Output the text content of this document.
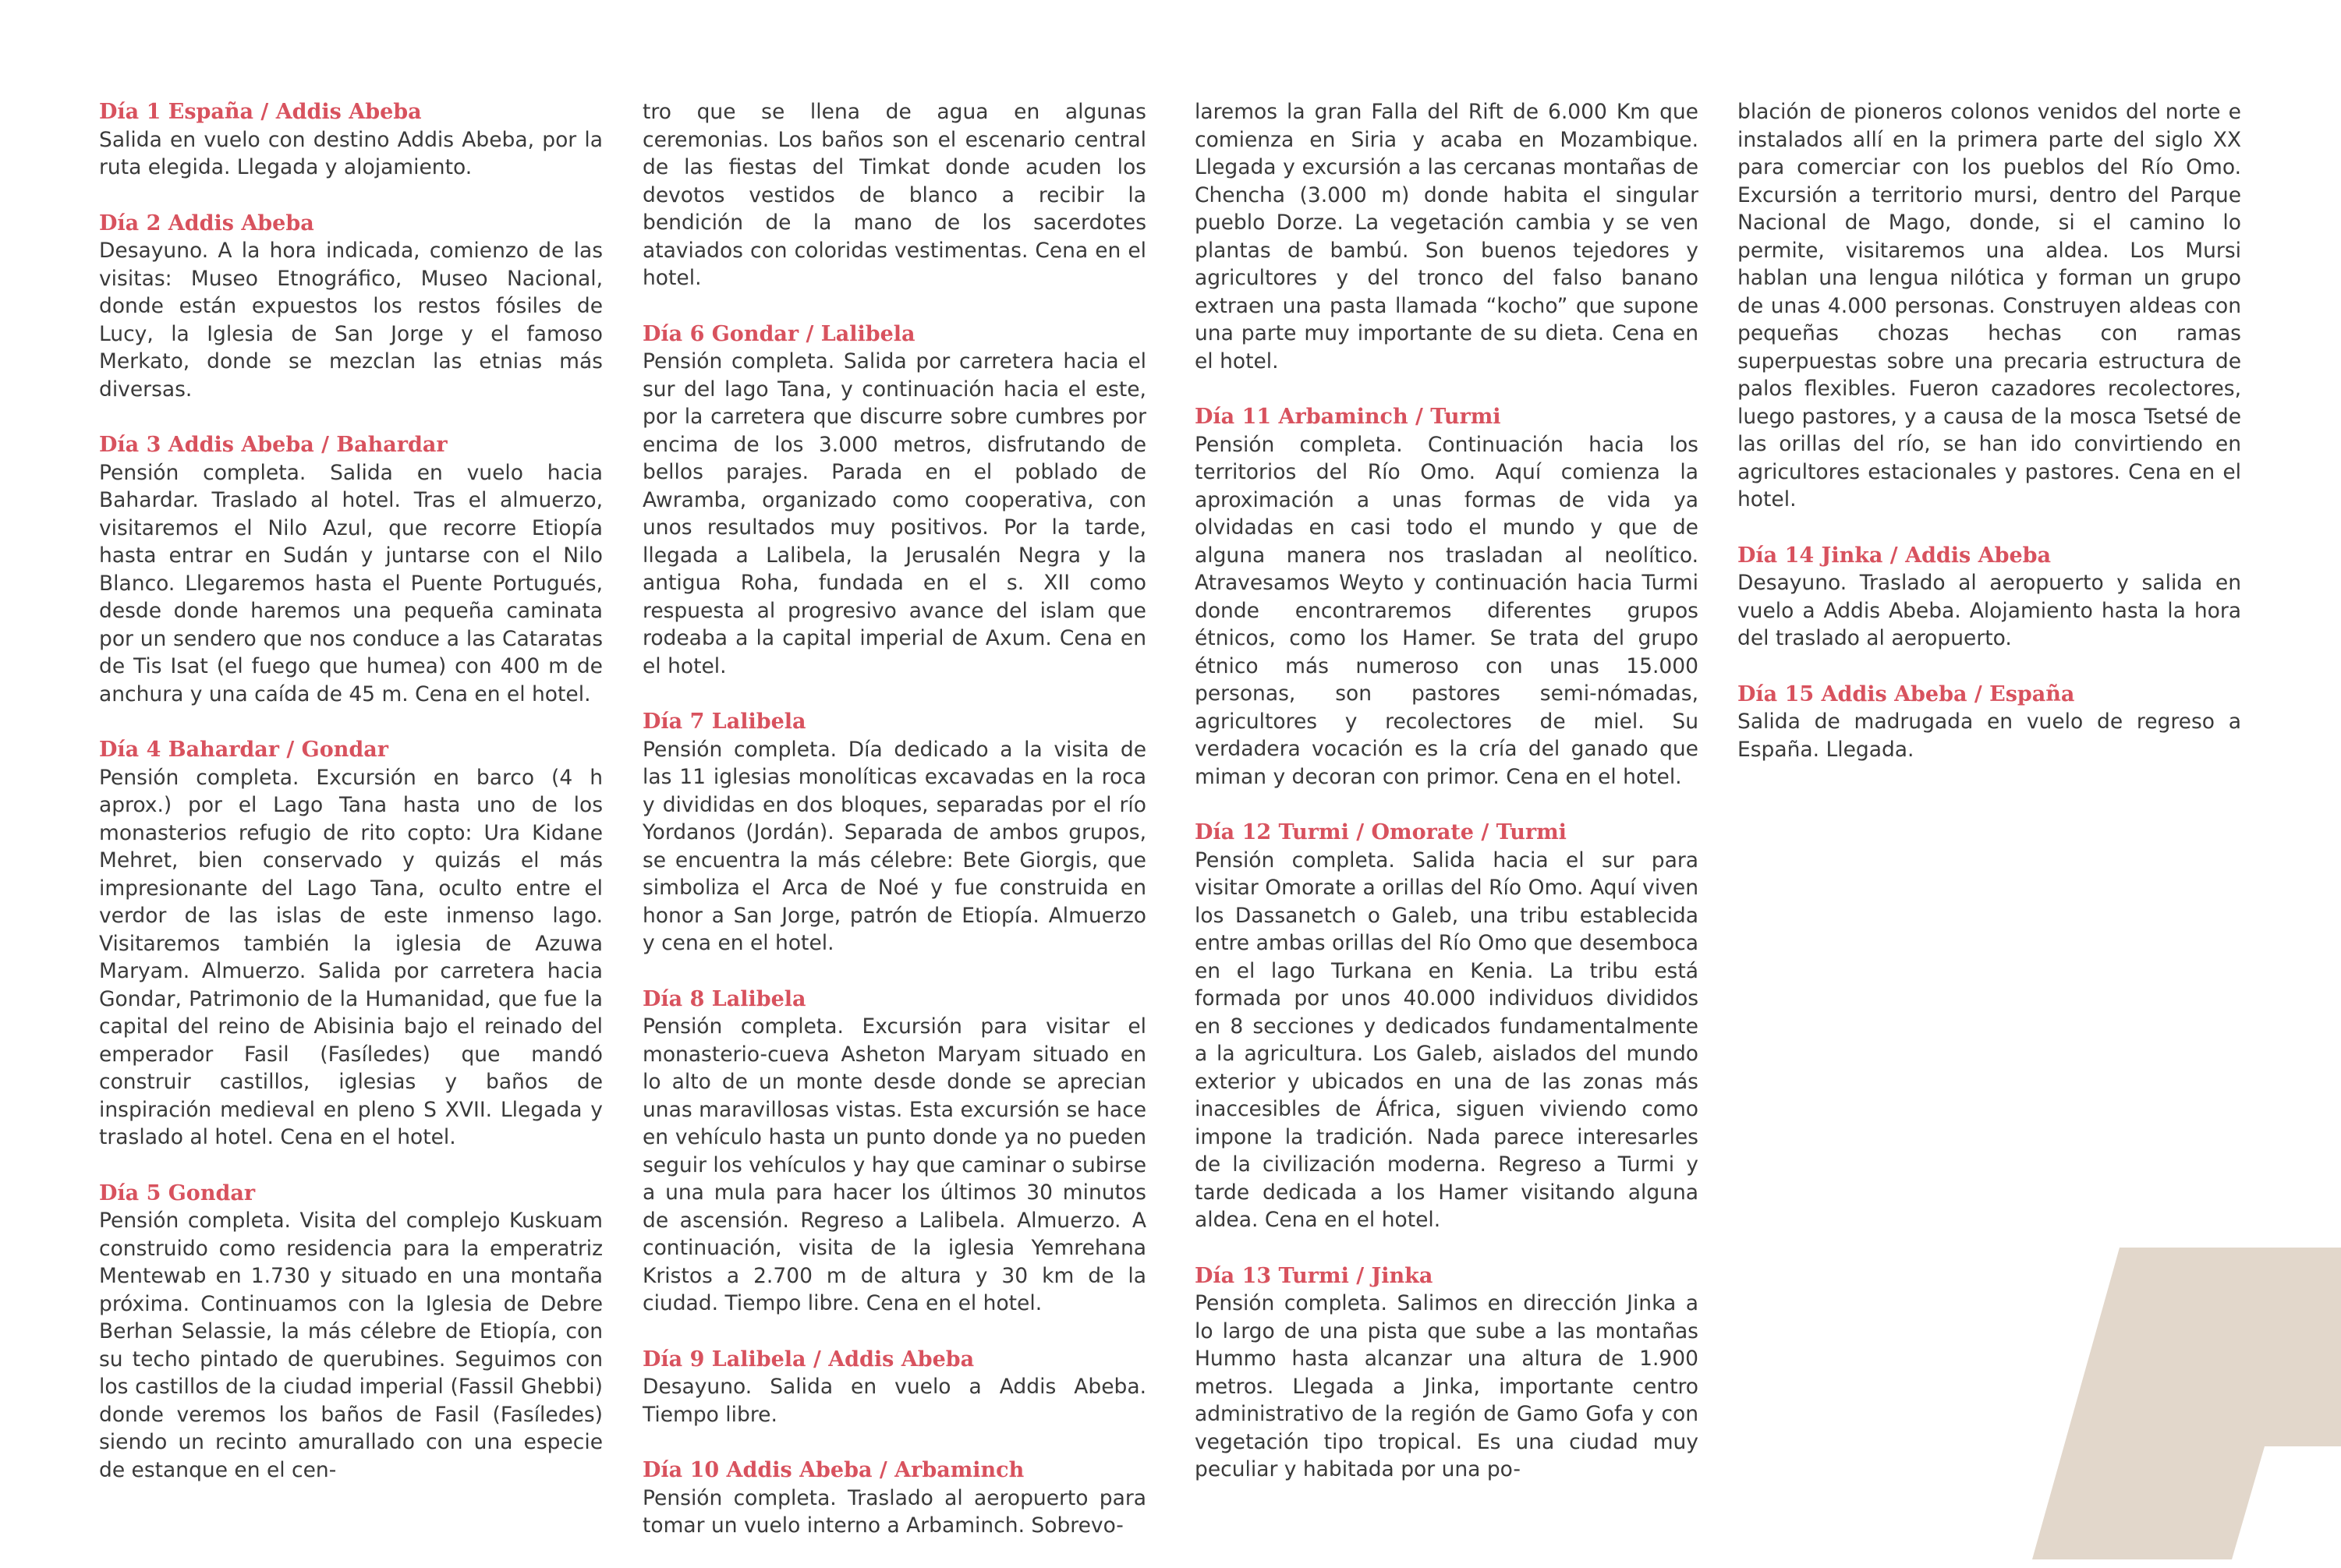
Día 1 España / Addis Abeba

Salida en vuelo con destino Addis Abeba, por la ruta elegida. Llegada y alojamiento.

Día 2 Addis Abeba

Desayuno. A la hora indicada, comienzo de las visitas: Museo Etnográfico, Museo Nacional, donde están expuestos los restos fósiles de Lucy, la Iglesia de San Jorge y el famoso Merkato, donde se mezclan las etnias más diversas.

Día 3 Addis Abeba / Bahardar

Pensión completa. Salida en vuelo hacia Bahardar. Traslado al hotel. Tras el almuerzo, visitaremos el Nilo Azul, que recorre Etiopía hasta entrar en Sudán y juntarse con el Nilo Blanco. Llegaremos hasta el Puente Portugués, desde donde haremos una pequeña caminata por un sendero que nos conduce a las Cataratas de Tis Isat (el fuego que humea) con 400 m de anchura y una caída de 45 m. Cena en el hotel.

Día 4 Bahardar / Gondar

Pensión completa. Excursión en barco (4 h aprox.) por el Lago Tana hasta uno de los monasterios refugio de rito copto: Ura Kidane Mehret, bien conservado y quizás el más impresionante del Lago Tana, oculto entre el verdor de las islas de este inmenso lago. Visitaremos también la iglesia de Azuwa Maryam. Almuerzo. Salida por carretera hacia Gondar, Patrimonio de la Humanidad, que fue la capital del reino de Abisinia bajo el reinado del emperador Fasil (Fasíledes) que mandó construir castillos, iglesias y baños de inspiración medieval en pleno S XVII. Llegada y traslado al hotel. Cena en el hotel.

Día 5 Gondar

Pensión completa. Visita del complejo Kuskuam construido como residencia para la emperatriz Mentewab en 1.730 y situado en una montaña próxima. Continuamos con la Iglesia de Debre Berhan Selassie, la más célebre de Etiopía, con su techo pintado de querubines. Seguimos con los castillos de la ciudad imperial (Fassil Ghebbi) donde veremos los baños de Fasil (Fasíledes) siendo un recinto amurallado con una especie de estanque en el cen-

tro que se llena de agua en algunas ceremonias. Los baños son el escenario central de las fiestas del Timkat donde acuden los devotos vestidos de blanco a recibir la bendición de la mano de los sacerdotes ataviados con coloridas vestimentas. Cena en el hotel.

Día 6 Gondar / Lalibela

Pensión completa. Salida por carretera hacia el sur del lago Tana, y continuación hacia el este, por la carretera que discurre sobre cumbres por encima de los 3.000 metros, disfrutando de bellos parajes. Parada en el poblado de Awramba, organizado como cooperativa, con unos resultados muy positivos. Por la tarde, llegada a Lalibela, la Jerusalén Negra y la antigua Roha, fundada en el s. XII como respuesta al progresivo avance del islam que rodeaba a la capital imperial de Axum. Cena en el hotel.

Día 7 Lalibela

Pensión completa. Día dedicado a la visita de las 11 iglesias monolíticas excavadas en la roca y divididas en dos bloques, separadas por el río Yordanos (Jordán). Separada de ambos grupos, se encuentra la más célebre: Bete Giorgis, que simboliza el Arca de Noé y fue construida en honor a San Jorge, patrón de Etiopía. Almuerzo y cena en el hotel.

Día 8 Lalibela

Pensión completa. Excursión para visitar el monasterio-cueva Asheton Maryam situado en lo alto de un monte desde donde se aprecian unas maravillosas vistas. Esta excursión se hace en vehículo hasta un punto donde ya no pueden seguir los vehículos y hay que caminar o subirse a una mula para hacer los últimos 30 minutos de ascensión. Regreso a Lalibela. Almuerzo. A continuación, visita de la iglesia Yemrehana Kristos a 2.700 m de altura y 30 km de la ciudad. Tiempo libre. Cena en el hotel.

Día 9 Lalibela / Addis Abeba

Desayuno. Salida en vuelo a Addis Abeba. Tiempo libre.

Día 10 Addis Abeba / Arbaminch

Pensión completa. Traslado al aeropuerto para tomar un vuelo interno a Arbaminch. Sobrevo-

laremos la gran Falla del Rift de 6.000 Km que comienza en Siria y acaba en Mozambique. Llegada y excursión a las cercanas montañas de Chencha (3.000 m) donde habita el singular pueblo Dorze. La vegetación cambia y se ven plantas de bambú. Son buenos tejedores y agricultores y del tronco del falso banano extraen una pasta llamada “kocho” que supone una parte muy importante de su dieta. Cena en el hotel.

Día 11 Arbaminch / Turmi

Pensión completa. Continuación hacia los territorios del Río Omo. Aquí comienza la aproximación a unas formas de vida ya olvidadas en casi todo el mundo y que de alguna manera nos trasladan al neolítico. Atravesamos Weyto y continuación hacia Turmi donde encontraremos diferentes grupos étnicos, como los Hamer. Se trata del grupo étnico más numeroso con unas 15.000 personas, son pastores semi-nómadas, agricultores y recolectores de miel. Su verdadera vocación es la cría del ganado que miman y decoran con primor. Cena en el hotel.

Día 12 Turmi / Omorate / Turmi

Pensión completa. Salida hacia el sur para visitar Omorate a orillas del Río Omo. Aquí viven los Dassanetch o Galeb, una tribu establecida entre ambas orillas del Río Omo que desemboca en el lago Turkana en Kenia. La tribu está formada por unos 40.000 individuos divididos en 8 secciones y dedicados fundamentalmente a la agricultura. Los Galeb, aislados del mundo exterior y ubicados en una de las zonas más inaccesibles de África, siguen viviendo como impone la tradición. Nada parece interesarles de la civilización moderna. Regreso a Turmi y tarde dedicada a los Hamer visitando alguna aldea. Cena en el hotel.

Día 13 Turmi / Jinka

Pensión completa. Salimos en dirección Jinka a lo largo de una pista que sube a las montañas Hummo hasta alcanzar una altura de 1.900 metros. Llegada a Jinka, importante centro administrativo de la región de Gamo Gofa y con vegetación tipo tropical. Es una ciudad muy peculiar y habitada por una po-

blación de pioneros colonos venidos del norte e instalados allí en la primera parte del siglo XX para comerciar con los pueblos del Río Omo. Excursión a territorio mursi, dentro del Parque Nacional de Mago, donde, si el camino lo permite, visitaremos una aldea. Los Mursi hablan una lengua nilótica y forman un grupo de unas 4.000 personas. Construyen aldeas con pequeñas chozas hechas con ramas superpuestas sobre una precaria estructura de palos flexibles. Fueron cazadores recolectores, luego pastores, y a causa de la mosca Tsetsé de las orillas del río, se han ido convirtiendo en agricultores estacionales y pastores. Cena en el hotel.

Día 14 Jinka / Addis Abeba

Desayuno. Traslado al aeropuerto y salida en vuelo a Addis Abeba. Alojamiento hasta la hora del traslado al aeropuerto.

Día 15 Addis Abeba / España

Salida de madrugada en vuelo de regreso a España. Llegada.
